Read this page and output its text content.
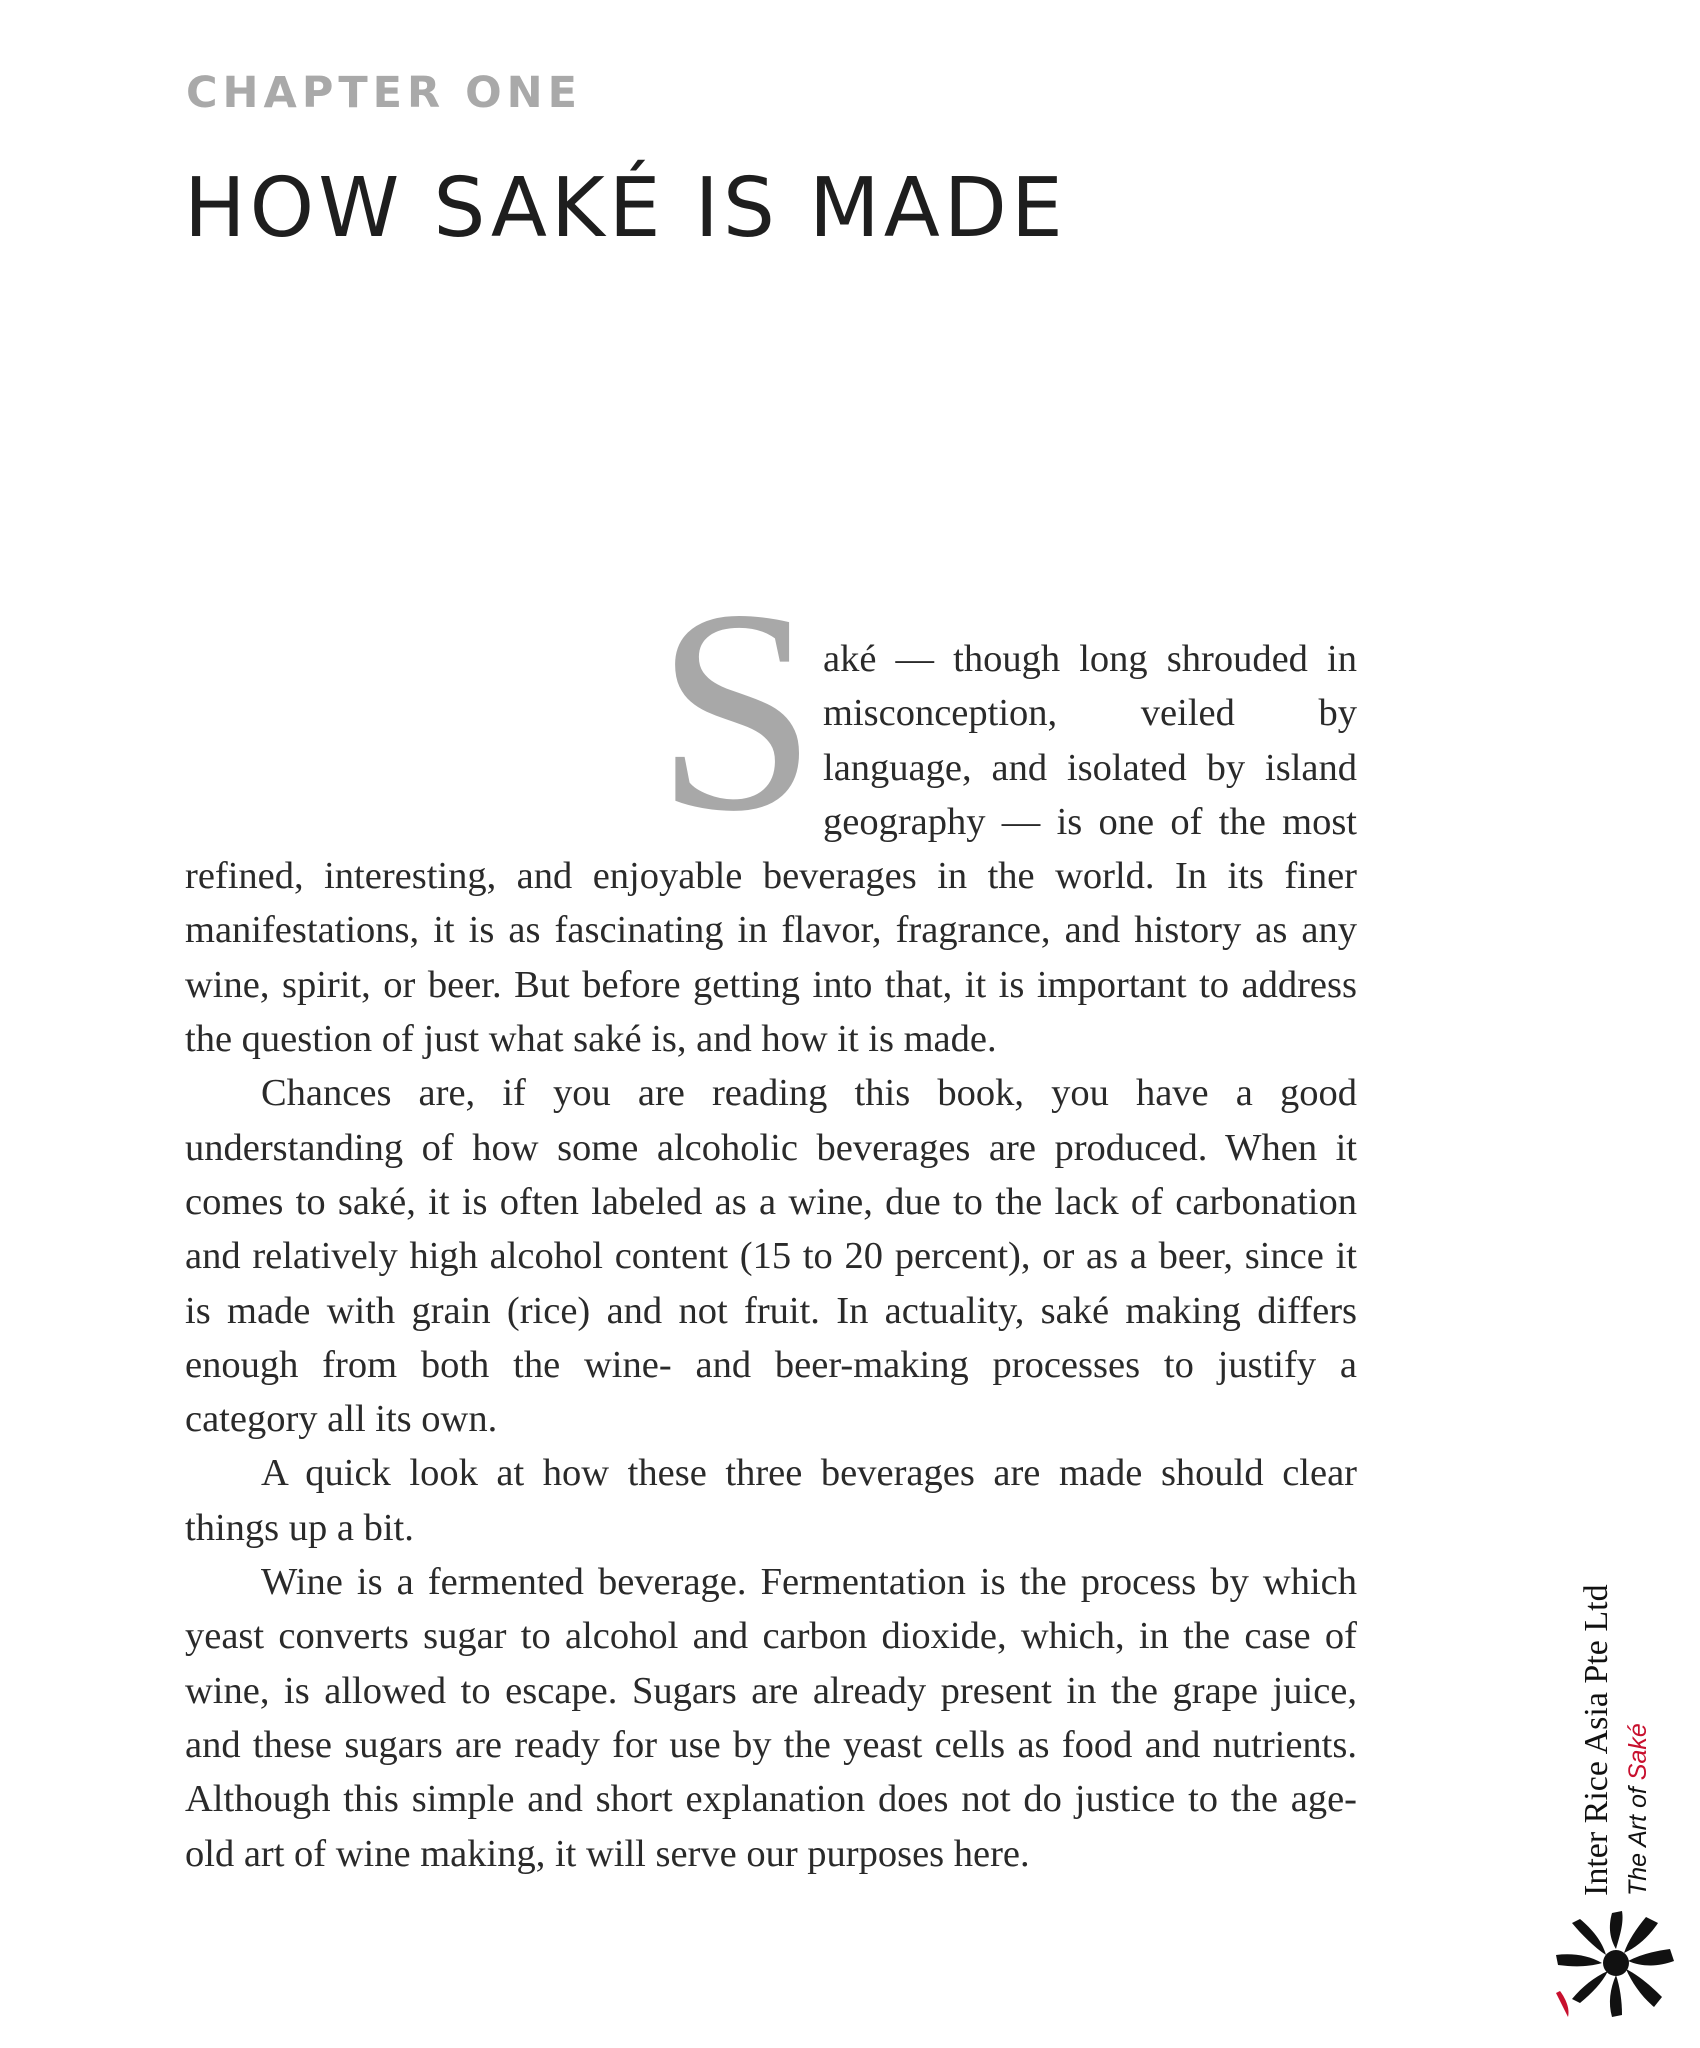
CHAPTER ONE
HOW SAKÉ IS MADE

S aké — though long shrouded in misconception, veiled by language, and isolated by island geography — is one of the most refined, interesting, and enjoyable beverages in the world. In its finer manifestations, it is as fascinating in flavor, fragrance, and history as any wine, spirit, or beer. But before getting into that, it is important to address the question of just what saké is, and how it is made.

Chances are, if you are reading this book, you have a good understanding of how some alcoholic beverages are produced. When it comes to saké, it is often labeled as a wine, due to the lack of carbonation and relatively high alcohol content (15 to 20 percent), or as a beer, since it is made with grain (rice) and not fruit. In actuality, saké making differs enough from both the wine- and beer-making processes to justify a category all its own.

A quick look at how these three beverages are made should clear things up a bit.

Wine is a fermented beverage. Fermentation is the process by which yeast converts sugar to alcohol and carbon dioxide, which, in the case of wine, is allowed to escape. Sugars are already present in the grape juice, and these sugars are ready for use by the yeast cells as food and nutrients. Although this simple and short explanation does not do justice to the age-old art of wine making, it will serve our purposes here.	Inter Rice Asia Pte Ltd The Art of Saké
